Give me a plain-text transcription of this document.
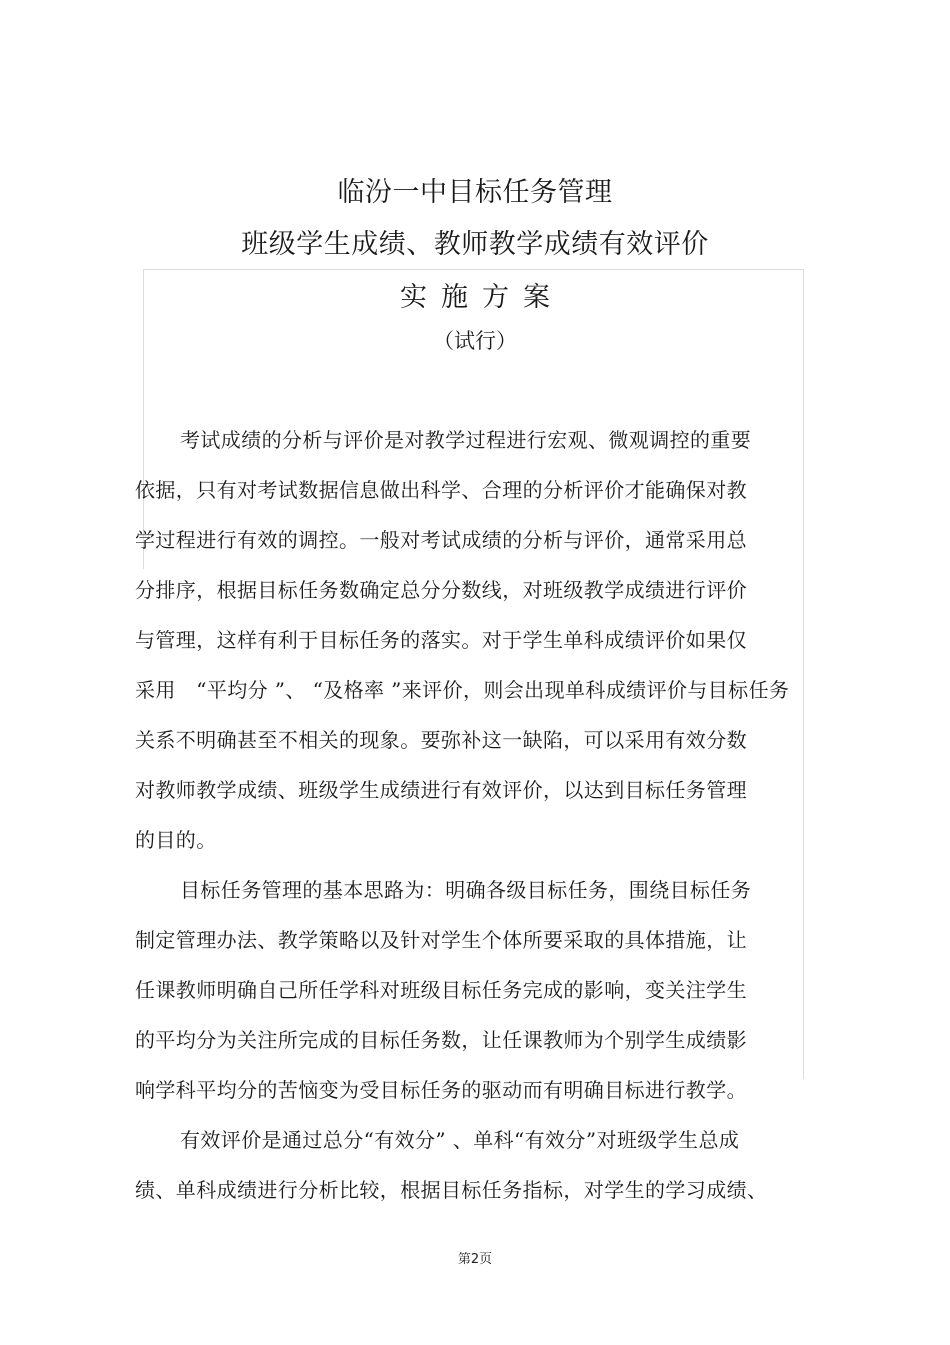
临汾一中目标任务管理
班级学生成绩、教师教学成绩有效评价
实施方案
（试行）
考试成绩的分析与评价是对教学过程进行宏观、微观调控的重要
依据，只有对考试数据信息做出科学、合理的分析评价才能确保对教
学过程进行有效的调控。一般对考试成绩的分析与评价，通常采用总
分排序，根据目标任务数确定总分分数线，对班级教学成绩进行评价
与管理，这样有利于目标任务的落实。对于学生单科成绩评价如果仅
采用　“平均分 ”、 “及格率 ”来评价，则会出现单科成绩评价与目标任务
关系不明确甚至不相关的现象。要弥补这一缺陷，可以采用有效分数
对教师教学成绩、班级学生成绩进行有效评价，以达到目标任务管理
的目的。
目标任务管理的基本思路为：明确各级目标任务，围绕目标任务
制定管理办法、教学策略以及针对学生个体所要采取的具体措施，让
任课教师明确自己所任学科对班级目标任务完成的影响，变关注学生
的平均分为关注所完成的目标任务数，让任课教师为个别学生成绩影
响学科平均分的苦恼变为受目标任务的驱动而有明确目标进行教学。
有效评价是通过总分“有效分” 、单科“有效分”对班级学生总成
绩、单科成绩进行分析比较，根据目标任务指标，对学生的学习成绩、
第2页
